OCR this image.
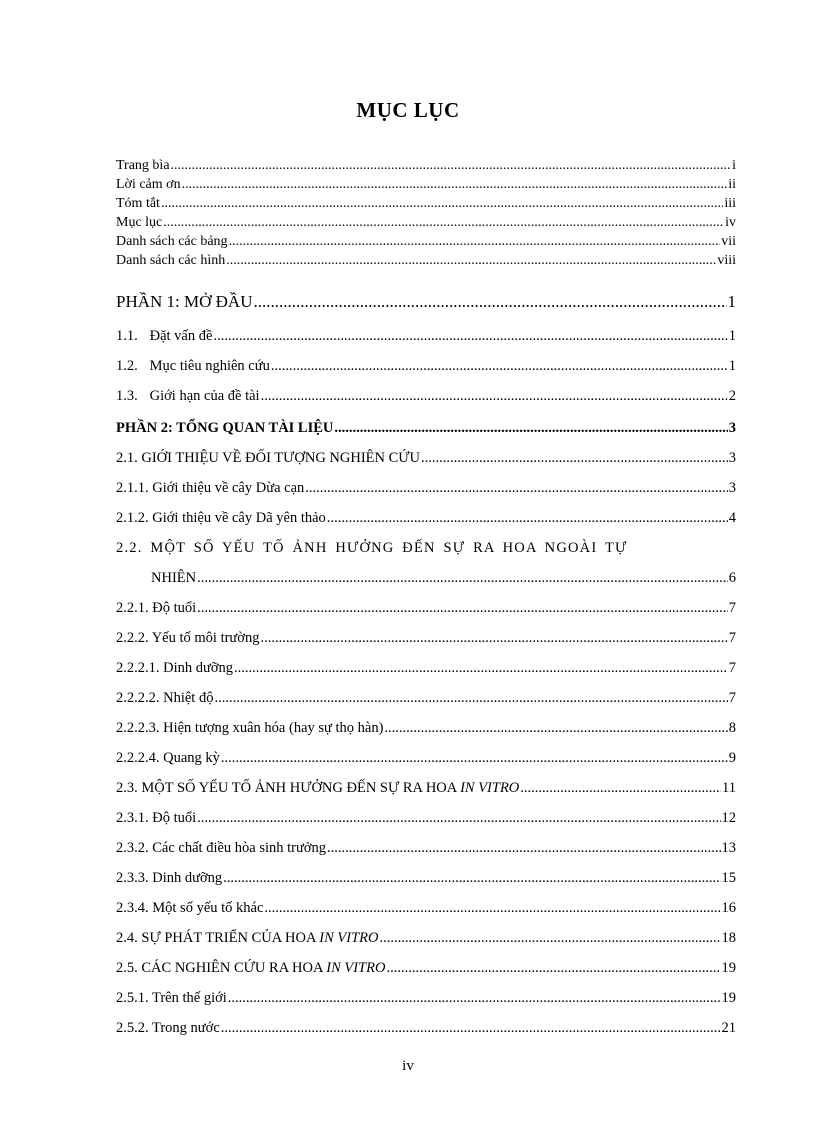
MỤC LỤC
Trang bìa .....	i
Lời cảm ơn .....	ii
Tóm tắt .....	iii
Mục lục .....	iv
Danh sách các bảng .....	vii
Danh sách các hình .....	viii
PHẦN 1: MỞ ĐẦU .....	1
1.1. Đặt vấn đề .....	1
1.2. Mục tiêu nghiên cứu .....	1
1.3. Giới hạn của đề tài .....	2
PHẦN 2: TỔNG QUAN TÀI LIỆU .....	3
2.1. GIỚI THIỆU VỀ ĐỐI TƯỢNG NGHIÊN CỨU .....	3
2.1.1. Giới thiệu về cây Dừa cạn .....	3
2.1.2. Giới thiệu về cây Dã yên thảo .....	4
2.2. MỘT SỐ YẾU TỐ ẢNH HƯỞNG ĐẾN SỰ RA HOA NGOÀI TỰ
NHIÊN .....	6
2.2.1. Độ tuổi .....	7
2.2.2. Yếu tố môi trường .....	7
2.2.2.1. Dinh dưỡng .....	7
2.2.2.2. Nhiệt độ .....	7
2.2.2.3. Hiện tượng xuân hóa (hay sự thọ hàn) .....	8
2.2.2.4. Quang kỳ .....	9
2.3. MỘT SỐ YẾU TỐ ẢNH HƯỞNG ĐẾN SỰ RA HOA IN VITRO .....	11
2.3.1. Độ tuổi .....	12
2.3.2. Các chất điều hòa sinh trưởng .....	13
2.3.3. Dinh dưỡng .....	15
2.3.4. Một số yếu tố khác .....	16
2.4. SỰ PHÁT TRIỂN CỦA HOA IN VITRO .....	18
2.5. CÁC NGHIÊN CỨU RA HOA IN VITRO .....	19
2.5.1. Trên thế giới .....	19
2.5.2. Trong nước .....	21
iv
